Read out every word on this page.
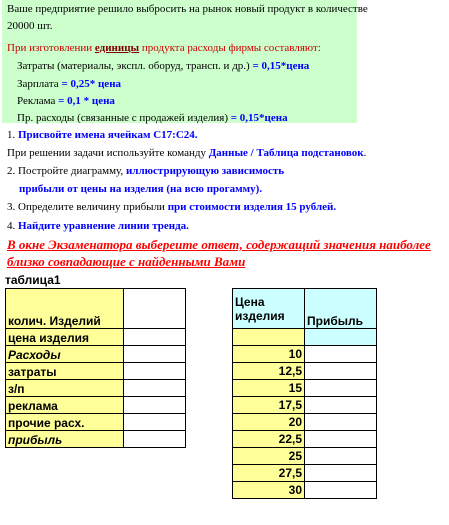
Ваше предприятие решило выбросить на рынок новый продукт в количестве
20000 шт.
При изготовлении единицы продукта расходы фирмы составляют:
Затраты (материалы, экспл. оборуд, трансп. и др.) = 0,15*цена
Зарплата = 0,25* цена
Реклама = 0,1 * цена
Пр. расходы (связанные с продажей изделия) = 0,15*цена
1. Присвойте имена ячейкам С17:С24.
При решении задачи используйте команду Данные / Таблица подстановок.
2. Постройте диаграмму, иллюстрирующую зависимость
прибыли от цены на изделия (на всю прогамму).
3. Определите величину прибыли при стоимости изделия 15 рублей.
4. Найдите уравнение линии тренда.
В окне Экзаменатора выберeите ответ, содержащий значения наиболее близко совпадающие с найденными Вами
таблица1
колич. Изделий	
цена изделия	
Расходы	
затраты	
з/п	
реклама	
прочие расх.	
прибыль	
Цена
изделия	Прибыль

10	
12,5	
15	
17,5	
20	
22,5	
25	
27,5	
30	
